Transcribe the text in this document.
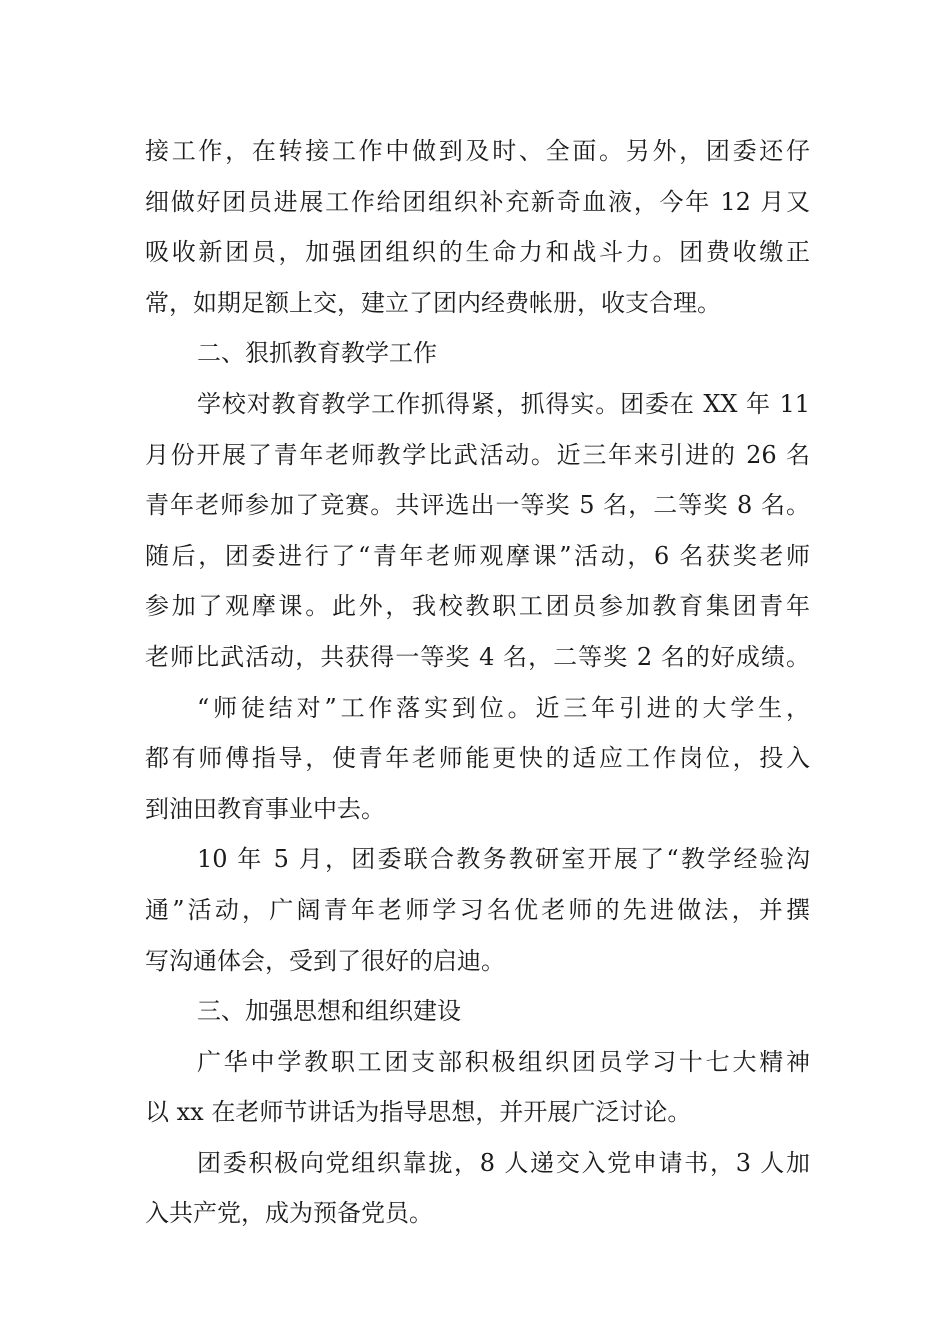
接工作，在转接工作中做到及时、全面。另外，团委还仔
细做好团员进展工作给团组织补充新奇血液，今年 12 月又
吸收新团员，加强团组织的生命力和战斗力。团费收缴正
常，如期足额上交，建立了团内经费帐册，收支合理。
二、狠抓教育教学工作
学校对教育教学工作抓得紧，抓得实。团委在 XX 年 11
月份开展了青年老师教学比武活动。近三年来引进的 26 名
青年老师参加了竞赛。共评选出一等奖 5 名，二等奖 8 名。
随后，团委进行了“青年老师观摩课”活动，6 名获奖老师
参加了观摩课。此外，我校教职工团员参加教育集团青年
老师比武活动，共获得一等奖 4 名，二等奖 2 名的好成绩。
“师徒结对”工作落实到位。近三年引进的大学生，
都有师傅指导，使青年老师能更快的适应工作岗位，投入
到油田教育事业中去。
10 年 5 月，团委联合教务教研室开展了“教学经验沟
通”活动，广阔青年老师学习名优老师的先进做法，并撰
写沟通体会，受到了很好的启迪。
三、加强思想和组织建设
广华中学教职工团支部积极组织团员学习十七大精神
以 xx 在老师节讲话为指导思想，并开展广泛讨论。
团委积极向党组织靠拢，8 人递交入党申请书，3 人加
入共产党，成为预备党员。
